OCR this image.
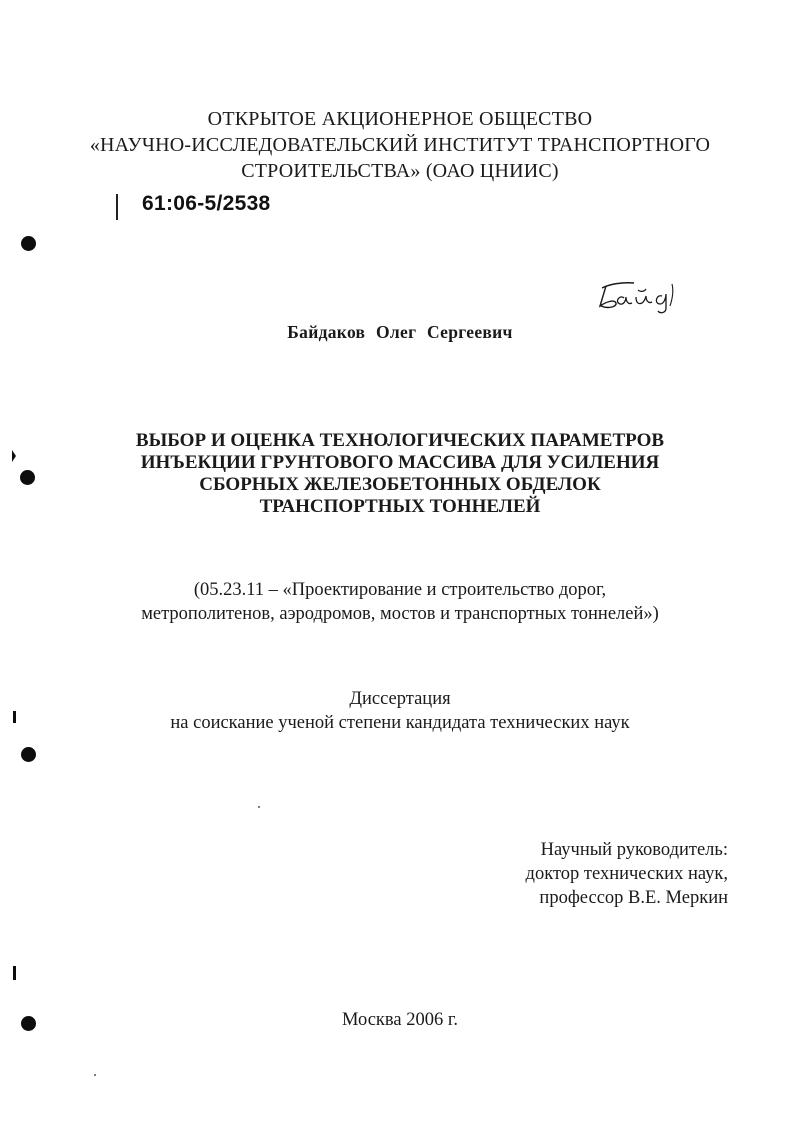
ОТКРЫТОЕ АКЦИОНЕРНОЕ ОБЩЕСТВО
«НАУЧНО-ИССЛЕДОВАТЕЛЬСКИЙ ИНСТИТУТ ТРАНСПОРТНОГО
СТРОИТЕЛЬСТВА» (ОАО ЦНИИС)
61:06-5/2538
Байдаков Олег Сергеевич
ВЫБОР И ОЦЕНКА ТЕХНОЛОГИЧЕСКИХ ПАРАМЕТРОВ
ИНЪЕКЦИИ ГРУНТОВОГО МАССИВА ДЛЯ УСИЛЕНИЯ
СБОРНЫХ ЖЕЛЕЗОБЕТОННЫХ ОБДЕЛОК
ТРАНСПОРТНЫХ ТОННЕЛЕЙ
(05.23.11 – «Проектирование и строительство дорог,
метрополитенов, аэродромов, мостов и транспортных тоннелей»)
Диссертация
на соискание ученой степени кандидата технических наук
Научный руководитель:
доктор технических наук,
профессор В.Е. Меркин
Москва 2006 г.
